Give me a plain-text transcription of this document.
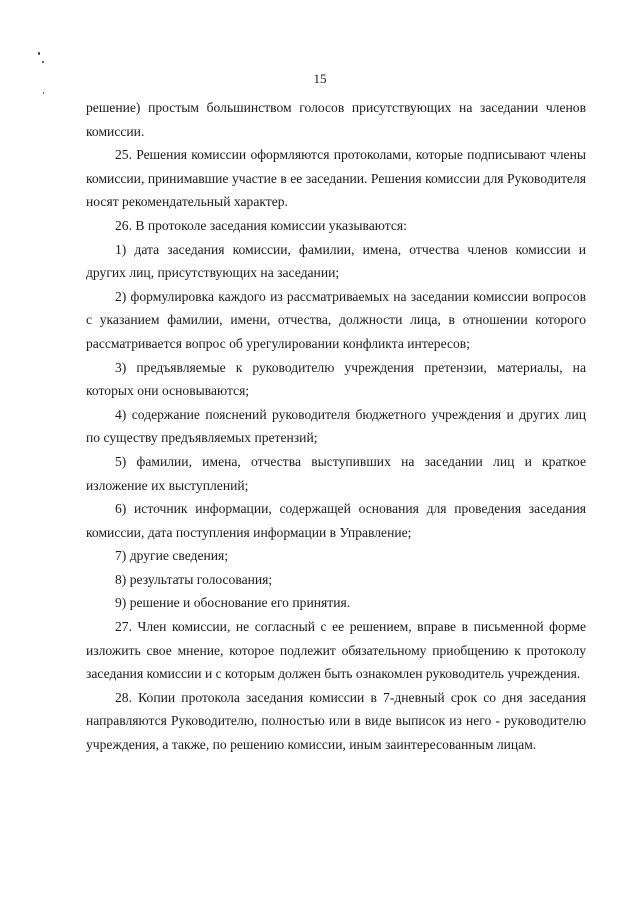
15

решение) простым большинством голосов присутствующих на заседании членов комиссии.

25. Решения комиссии оформляются протоколами, которые подписывают члены комиссии, принимавшие участие в ее заседании. Решения комиссии для Руководителя носят рекомендательный характер.

26. В протоколе заседания комиссии указываются:

1) дата заседания комиссии, фамилии, имена, отчества членов комиссии и других лиц, присутствующих на заседании;

2) формулировка каждого из рассматриваемых на заседании комиссии вопросов с указанием фамилии, имени, отчества, должности лица, в отношении которого рассматривается вопрос об урегулировании конфликта интересов;

3) предъявляемые к руководителю учреждения претензии, материалы, на которых они основываются;

4) содержание пояснений руководителя бюджетного учреждения и других лиц по существу предъявляемых претензий;

5) фамилии, имена, отчества выступивших на заседании лиц и краткое изложение их выступлений;

6) источник информации, содержащей основания для проведения заседания комиссии, дата поступления информации в Управление;

7) другие сведения;

8) результаты голосования;

9) решение и обоснование его принятия.

27. Член комиссии, не согласный с ее решением, вправе в письменной форме изложить свое мнение, которое подлежит обязательному приобщению к протоколу заседания комиссии и с которым должен быть ознакомлен руководитель учреждения.

28. Копии протокола заседания комиссии в 7-дневный срок со дня заседания направляются Руководителю, полностью или в виде выписок из него - руководителю учреждения, а также, по решению комиссии, иным заинтересованным лицам.
